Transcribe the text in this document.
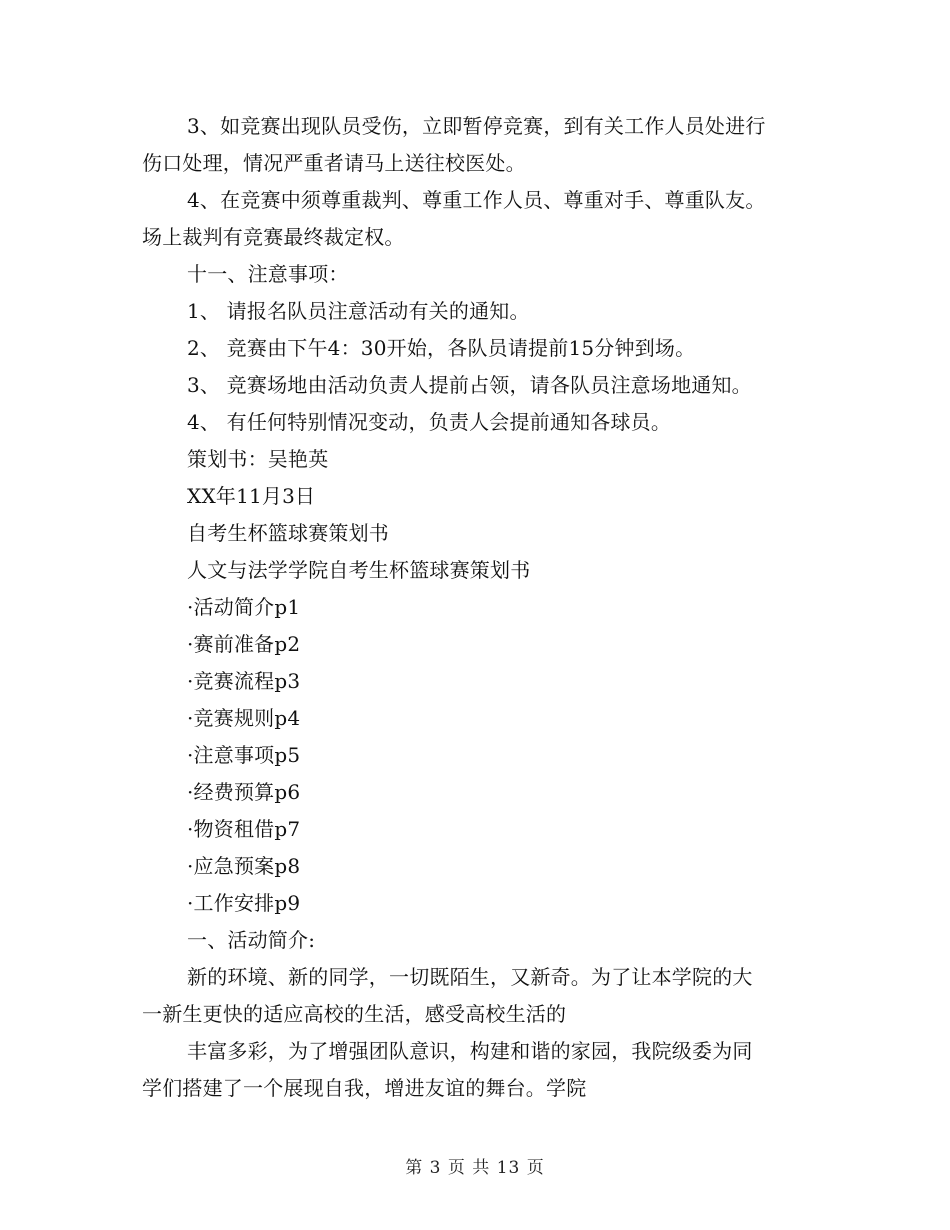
3、如竞赛出现队员受伤，立即暂停竞赛，到有关工作人员处进行
伤口处理，情况严重者请马上送往校医处。
4、在竞赛中须尊重裁判、尊重工作人员、尊重对手、尊重队友。
场上裁判有竞赛最终裁定权。
十一、注意事项：
1、 请报名队员注意活动有关的通知。
2、 竞赛由下午4：30开始，各队员请提前15分钟到场。
3、 竞赛场地由活动负责人提前占领，请各队员注意场地通知。
4、 有任何特别情况变动，负责人会提前通知各球员。
策划书：吴艳英
XX年11月3日
自考生杯篮球赛策划书
人文与法学学院自考生杯篮球赛策划书
·活动简介p1
·赛前准备p2
·竞赛流程p3
·竞赛规则p4
·注意事项p5
·经费预算p6
·物资租借p7
·应急预案p8
·工作安排p9
一、活动简介:
新的环境、新的同学，一切既陌生，又新奇。为了让本学院的大
一新生更快的适应高校的生活，感受高校生活的
丰富多彩，为了增强团队意识，构建和谐的家园，我院级委为同
学们搭建了一个展现自我，增进友谊的舞台。学院
第 3 页 共 13 页
